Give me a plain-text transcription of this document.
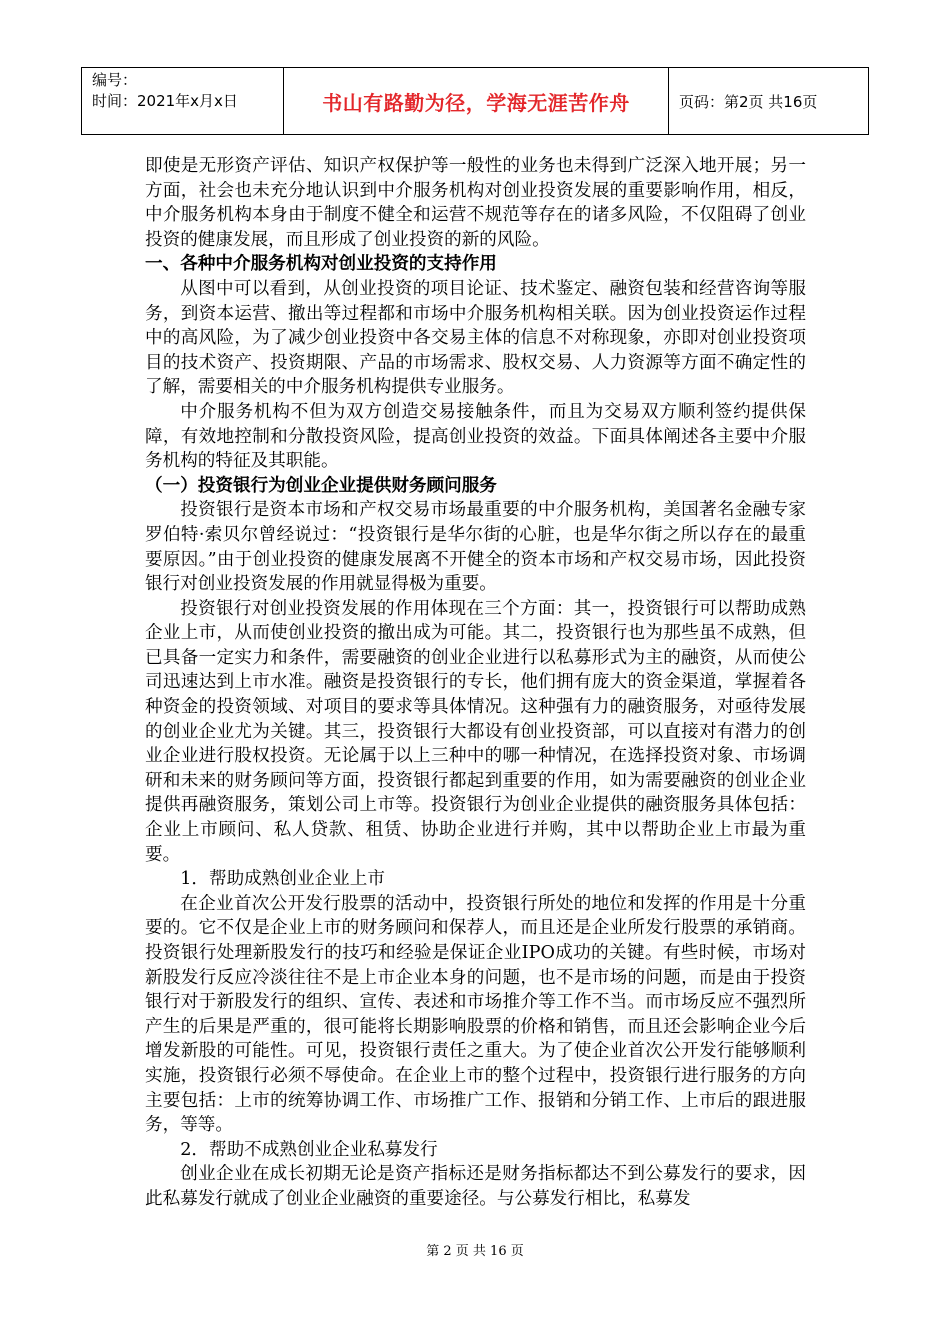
编号：
时间：2021年x月x日	书山有路勤为径，学海无涯苦作舟	页码：第2页 共16页

即使是无形资产评估、知识产权保护等一般性的业务也未得到广泛深入地开展；另一方面，社会也未充分地认识到中介服务机构对创业投资发展的重要影响作用，相反，中介服务机构本身由于制度不健全和运营不规范等存在的诸多风险，不仅阻碍了创业投资的健康发展，而且形成了创业投资的新的风险。

一、各种中介服务机构对创业投资的支持作用

从图中可以看到，从创业投资的项目论证、技术鉴定、融资包装和经营咨询等服务，到资本运营、撤出等过程都和市场中介服务机构相关联。因为创业投资运作过程中的高风险，为了减少创业投资中各交易主体的信息不对称现象，亦即对创业投资项目的技术资产、投资期限、产品的市场需求、股权交易、人力资源等方面不确定性的了解，需要相关的中介服务机构提供专业服务。

中介服务机构不但为双方创造交易接触条件，而且为交易双方顺利签约提供保障，有效地控制和分散投资风险，提高创业投资的效益。下面具体阐述各主要中介服务机构的特征及其职能。

（一）投资银行为创业企业提供财务顾问服务

投资银行是资本市场和产权交易市场最重要的中介服务机构，美国著名金融专家罗伯特·索贝尔曾经说过：“投资银行是华尔街的心脏，也是华尔街之所以存在的最重要原因。”由于创业投资的健康发展离不开健全的资本市场和产权交易市场，因此投资银行对创业投资发展的作用就显得极为重要。

投资银行对创业投资发展的作用体现在三个方面：其一，投资银行可以帮助成熟企业上市，从而使创业投资的撤出成为可能。其二，投资银行也为那些虽不成熟，但已具备一定实力和条件，需要融资的创业企业进行以私募形式为主的融资，从而使公司迅速达到上市水准。融资是投资银行的专长，他们拥有庞大的资金渠道，掌握着各种资金的投资领域、对项目的要求等具体情况。这种强有力的融资服务，对亟待发展的创业企业尤为关键。其三，投资银行大都设有创业投资部，可以直接对有潜力的创业企业进行股权投资。无论属于以上三种中的哪一种情况，在选择投资对象、市场调研和未来的财务顾问等方面，投资银行都起到重要的作用，如为需要融资的创业企业提供再融资服务，策划公司上市等。投资银行为创业企业提供的融资服务具体包括：企业上市顾问、私人贷款、租赁、协助企业进行并购，其中以帮助企业上市最为重要。

1．帮助成熟创业企业上市

在企业首次公开发行股票的活动中，投资银行所处的地位和发挥的作用是十分重要的。它不仅是企业上市的财务顾问和保荐人，而且还是企业所发行股票的承销商。投资银行处理新股发行的技巧和经验是保证企业IPO成功的关键。有些时候，市场对新股发行反应冷淡往往不是上市企业本身的问题，也不是市场的问题，而是由于投资银行对于新股发行的组织、宣传、表述和市场推介等工作不当。而市场反应不强烈所产生的后果是严重的，很可能将长期影响股票的价格和销售，而且还会影响企业今后增发新股的可能性。可见，投资银行责任之重大。为了使企业首次公开发行能够顺利实施，投资银行必须不辱使命。在企业上市的整个过程中，投资银行进行服务的方向主要包括：上市的统筹协调工作、市场推广工作、报销和分销工作、上市后的跟进服务，等等。

2．帮助不成熟创业企业私募发行

创业企业在成长初期无论是资产指标还是财务指标都达不到公募发行的要求，因此私募发行就成了创业企业融资的重要途径。与公募发行相比，私募发

第 2 页 共 16 页
